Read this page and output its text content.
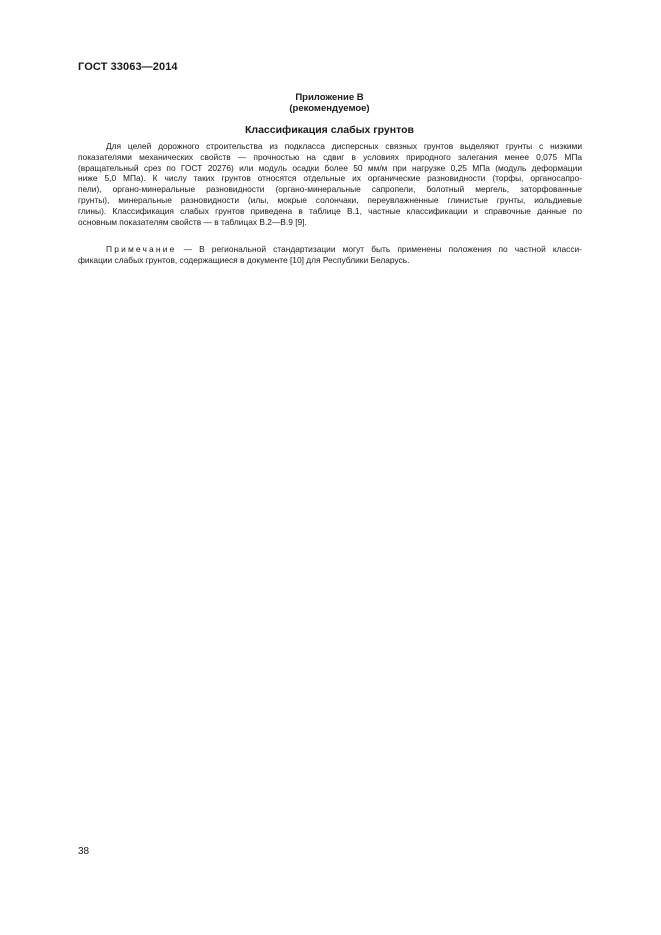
ГОСТ 33063—2014
Приложение В
(рекомендуемое)
Классификация слабых грунтов
Для целей дорожного строительства из подкласса дисперсных связных грунтов выделяют грунты с низкими
показателями механических свойств — прочностью на сдвиг в условиях природного залегания менее 0,075 МПа
(вращательный срез по ГОСТ 20276) или модуль осадки более 50 мм/м при нагрузке 0,25 МПа (модуль деформации
ниже 5,0 МПа). К числу таких грунтов относятся отдельные их органические разновидности (торфы, органосапро-
пели), органо-минеральные разновидности (органо-минеральные сапропели, болотный мергель, заторфованные
грунты), минеральные разновидности (илы, мокрые солончаки, переувлажненные глинистые грунты, иольдиевые
глины). Классификация слабых грунтов приведена в таблице В.1, частные классификации и справочные данные по
основным показателям свойств — в таблицах В.2—В.9 [9].
Примечание — В региональной стандартизации могут быть применены положения по частной класси-
фикации слабых грунтов, содержащиеся в документе [10] для Республики Беларусь.
38
